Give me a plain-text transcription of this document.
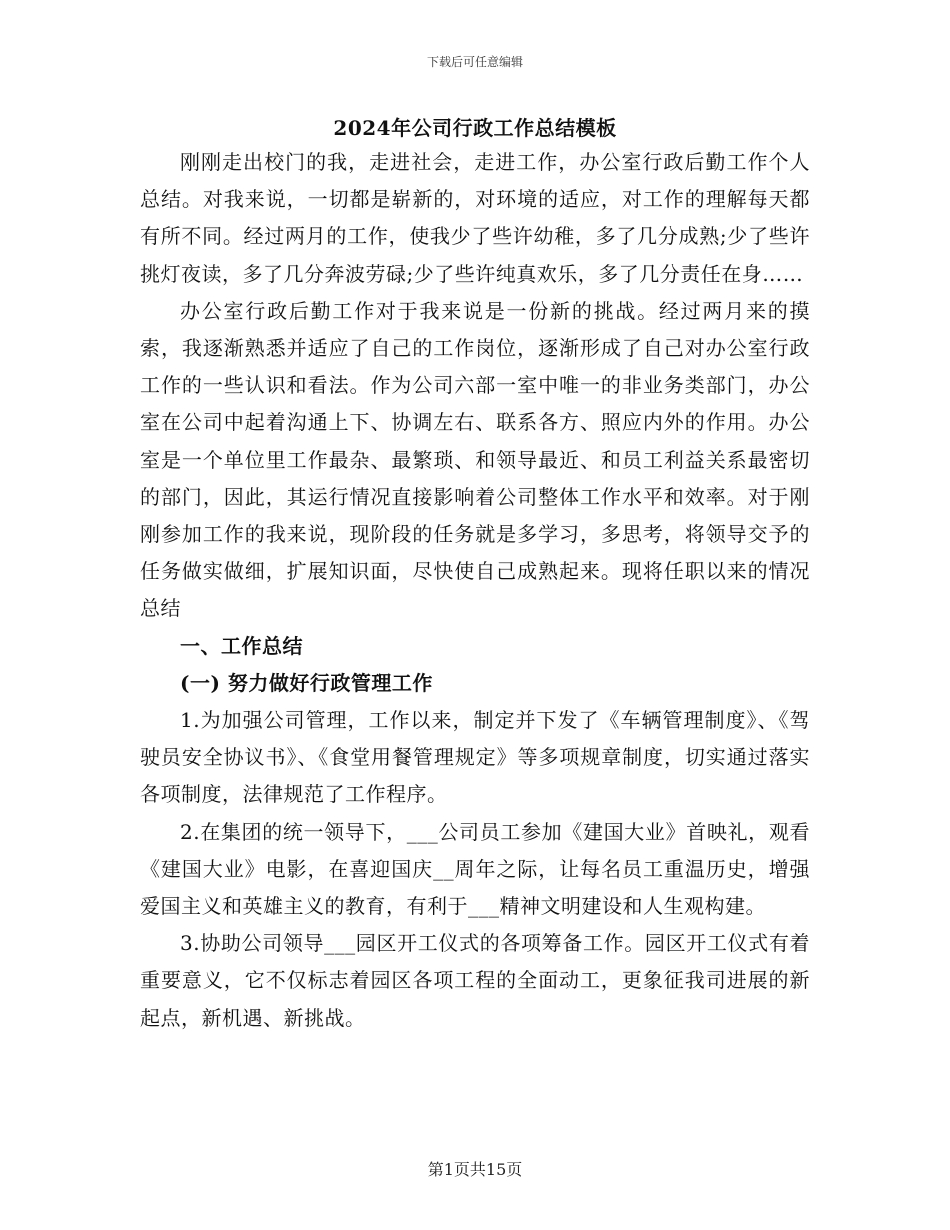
下载后可任意编辑
2024年公司行政工作总结模板

刚刚走出校门的我，走进社会，走进工作，办公室行政后勤工作个人总结。对我来说，一切都是崭新的，对环境的适应，对工作的理解每天都有所不同。经过两月的工作，使我少了些许幼稚，多了几分成熟;少了些许挑灯夜读，多了几分奔波劳碌;少了些许纯真欢乐，多了几分责任在身……

办公室行政后勤工作对于我来说是一份新的挑战。经过两月来的摸索，我逐渐熟悉并适应了自己的工作岗位，逐渐形成了自己对办公室行政工作的一些认识和看法。作为公司六部一室中唯一的非业务类部门，办公室在公司中起着沟通上下、协调左右、联系各方、照应内外的作用。办公室是一个单位里工作最杂、最繁琐、和领导最近、和员工利益关系最密切的部门，因此，其运行情况直接影响着公司整体工作水平和效率。对于刚刚参加工作的我来说，现阶段的任务就是多学习，多思考，将领导交予的任务做实做细，扩展知识面，尽快使自己成熟起来。现将任职以来的情况总结

一、工作总结

(一) 努力做好行政管理工作

1.为加强公司管理，工作以来，制定并下发了《车辆管理制度》、《驾驶员安全协议书》、《食堂用餐管理规定》等多项规章制度，切实通过落实各项制度，法律规范了工作程序。

2.在集团的统一领导下，___公司员工参加《建国大业》首映礼，观看《建国大业》电影，在喜迎国庆__周年之际，让每名员工重温历史，增强爱国主义和英雄主义的教育，有利于___精神文明建设和人生观构建。

3.协助公司领导___园区开工仪式的各项筹备工作。园区开工仪式有着重要意义，它不仅标志着园区各项工程的全面动工，更象征我司进展的新起点，新机遇、新挑战。

第1页共15页
